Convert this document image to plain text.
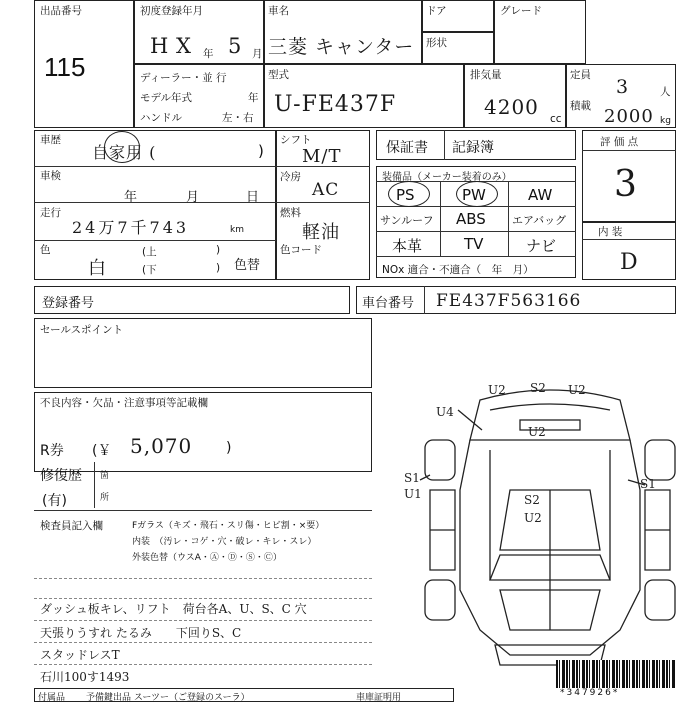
出品番号
115
初度登録年月
H X 年 5 月
車名
三菱 キャンター
ドア	グレード
形状
ディーラー・並 行
モデル年式	年
ハンドル	左・右
型式
U-FE437F
排気量
4200 cc
定員
3	人
積載 2000 kg
車歴
自家用 (	)
車検
年	月	日
走行
24万7千743	km
色
白
(上	)
(下	) 色替
シフト
M/T
冷房
AC
燃料
軽油
色コード
保証書 記録簿
装備品（メーカー装着のみ）
PS	PW	AW
サンルーフ ABS エアバッグ
本革	TV	ナビ
NOx 適合・不適合（　年　月）
評 価 点
3
内 装
D
登録番号	車台番号 FE437F563166
セールスポイント
不良内容・欠品・注意事項等記載欄
R券 (￥ 5,070 )
修復歴
(有)
箇
所
検査員記入欄	Fガラス（キズ・飛石・スリ傷・ヒビ割・×要）
内装　（汚レ・コゲ・穴・破レ・キレ・スレ）
外装色替（ウスA・Ⓐ・Ⓓ・Ⓢ・Ⓒ）
ダッシュ板キレ、リフト　荷台各A、U、S、C 穴
天張りうすれ たるみ　　下回りS、C
スタッドレスT
石川100す1493
付属品 予備鍵出品 スーツー（ご登録のスーラ）	車庫証明用
U2 S2 U2
U4
U2
S1
U1
S1
S2
U2
*347926*
